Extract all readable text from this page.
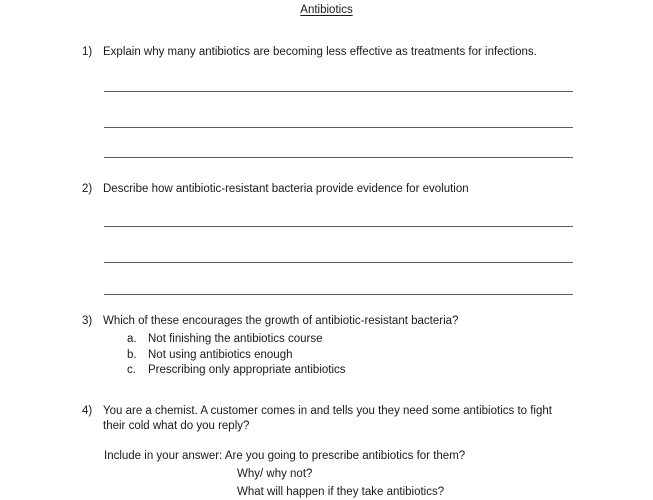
Antibiotics
1) Explain why many antibiotics are becoming less effective as treatments for infections.
2) Describe how antibiotic-resistant bacteria provide evidence for evolution
3) Which of these encourages the growth of antibiotic-resistant bacteria?
a. Not finishing the antibiotics course
b. Not using antibiotics enough
c.	Prescribing only appropriate antibiotics
4) You are a chemist. A customer comes in and tells you they need some antibiotics to fight their cold what do you reply?
Include in your answer: Are you going to prescribe antibiotics for them?
Why/ why not?
What will happen if they take antibiotics?
